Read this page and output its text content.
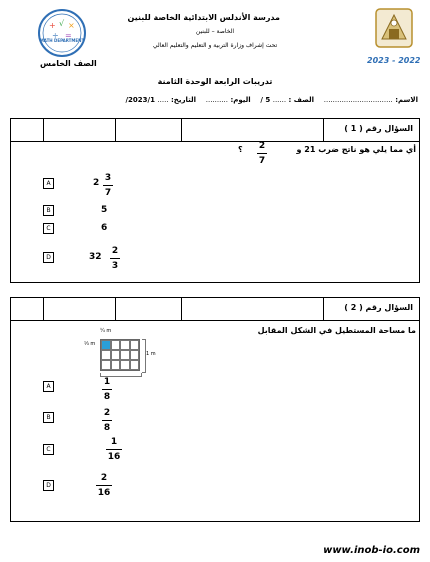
+ √ ×
÷ =
MATH DEPARTMENT
الصف الخامس
مدرسة الأندلس الابتدائية الخاصة للبنين
الخاصة – للبنين
تحت إشراف وزارة التربية و التعليم والتعليم العالي
2023 - 2022
تدريبات الرابعة الوحدة الثامنة
الاسم: ...............................    الصف : ...... 5 /    اليوم: ..........    التاريخ: ..... 2023/1/
السؤال رقم ( 1 )
أي مما يلي هو ناتج ضرب 21 و
2
7
؟
A	2 3
7
B	5
C	6
D	32
2
3
السؤال رقم ( 2 )
ما مساحة المستطيل في الشكل المقابل
¼ m
⅓ m
1 m
A	1
8
B	2
8
C
1
16
D
2
16
www.inob-io.com
